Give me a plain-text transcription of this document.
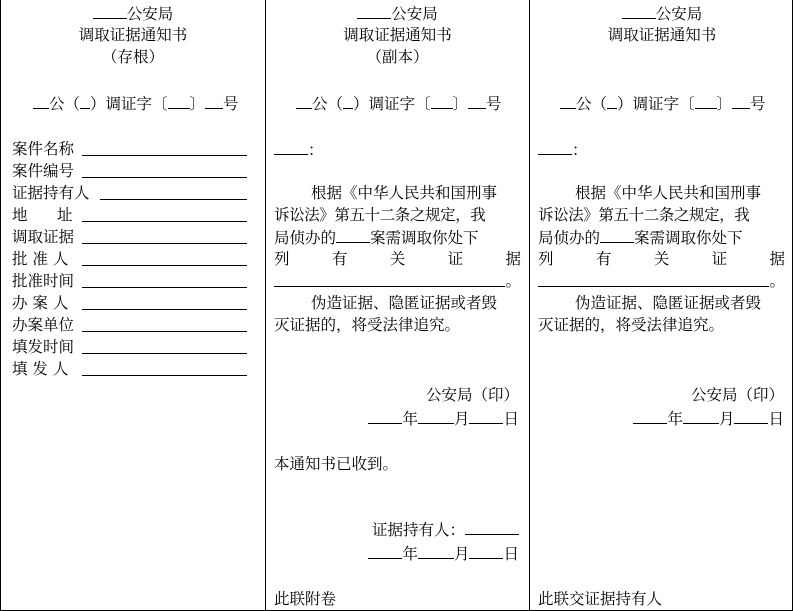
公安局
调取证据通知书
（存根）
公（ ）调证字〔 〕 号
案件名称
案件编号
证据持有人
地      址
调取证据
批 准 人
批准时间
办 案 人
办案单位
填发时间
填 发 人
公安局
调取证据通知书
（副本）
公（ ）调证字〔 〕 号
：
根据《中华人民共和国刑事
诉讼法》第五十二条之规定，我
局侦办的 案需调取你处下
列	有	关	证	据
。
伪造证据、隐匿证据或者毁
灭证据的，将受法律追究。
公安局（印）
年 月 日
本通知书已收到。
证据持有人：
年 月 日
此联附卷
公安局
调取证据通知书
公（ ）调证字〔 〕 号
：
根据《中华人民共和国刑事
诉讼法》第五十二条之规定，我
局侦办的 案需调取你处下
列	有	关	证	据
。
伪造证据、隐匿证据或者毁
灭证据的，将受法律追究。
公安局（印）
年 月 日
此联交证据持有人
